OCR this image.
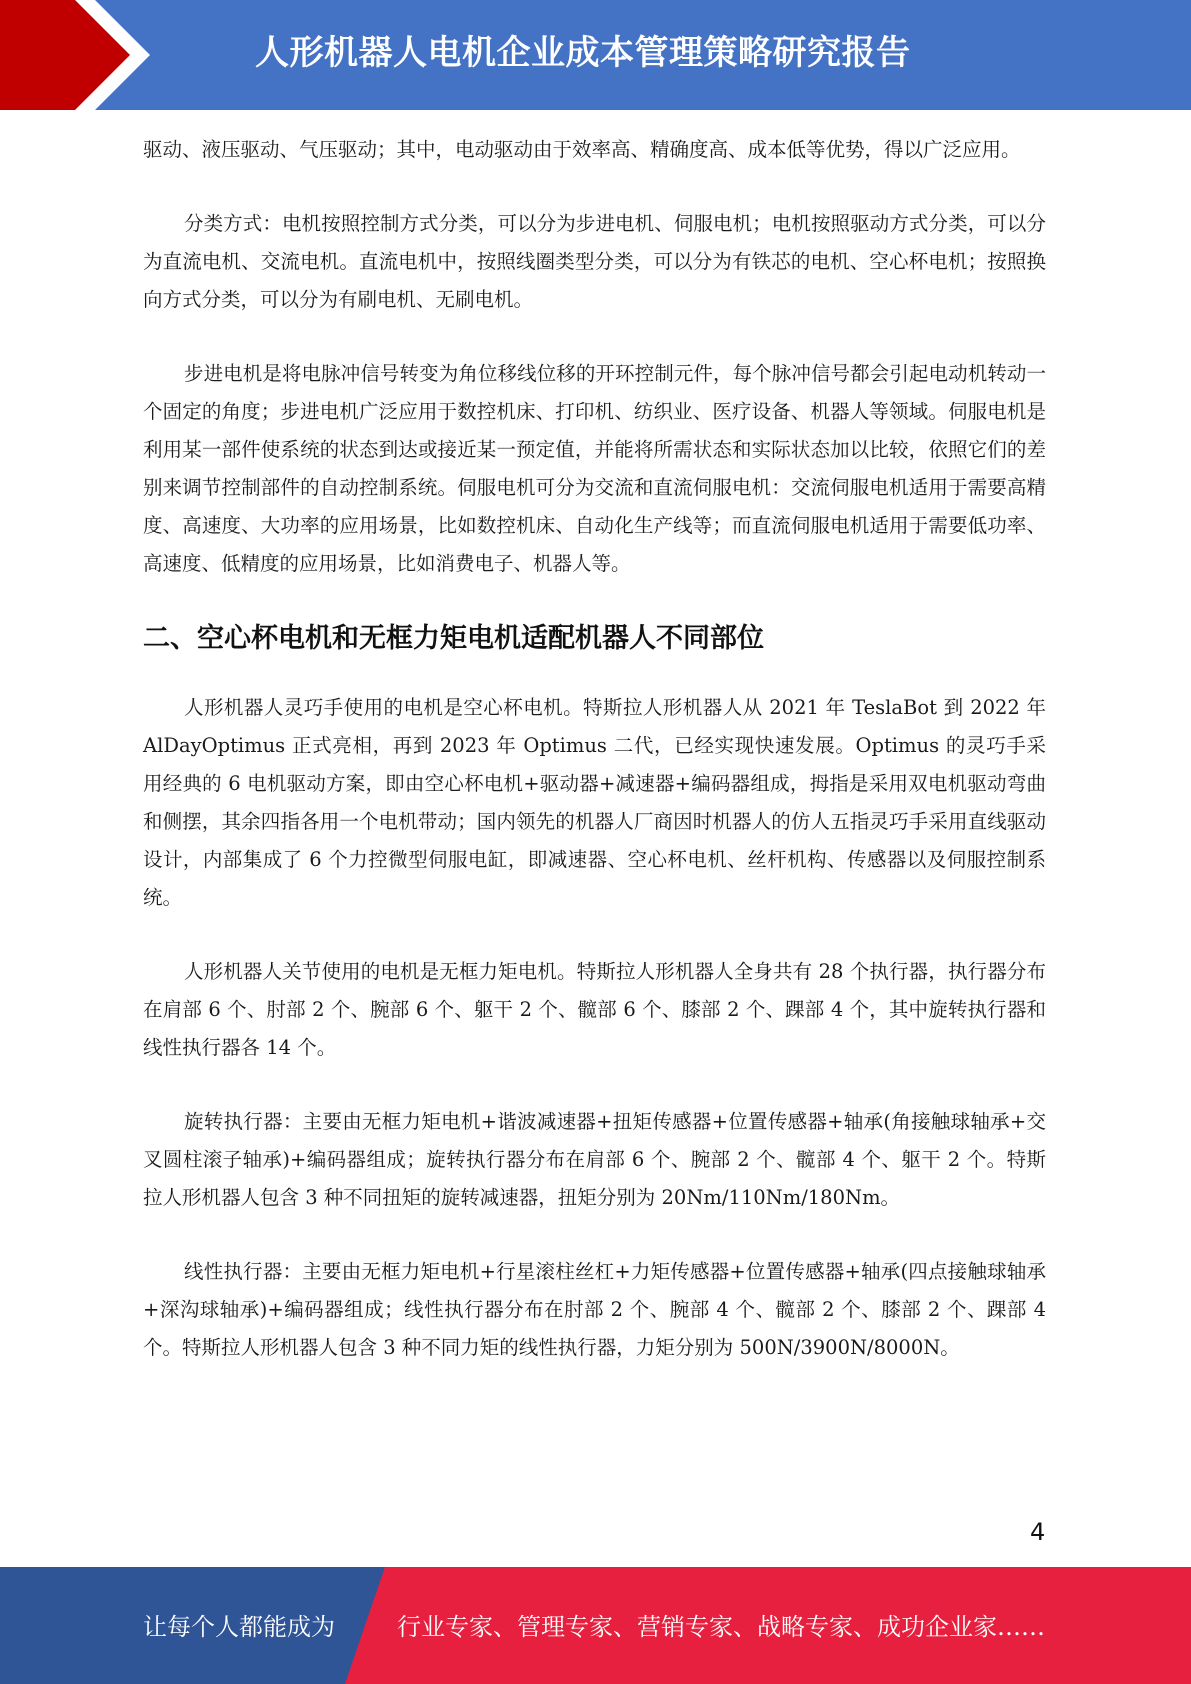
人形机器人电机企业成本管理策略研究报告

驱动、液压驱动、气压驱动；其中，电动驱动由于效率高、精确度高、成本低等优势，得以广泛应用。

分类方式：电机按照控制方式分类，可以分为步进电机、伺服电机；电机按照驱动方式分类，可以分为直流电机、交流电机。直流电机中，按照线圈类型分类，可以分为有铁芯的电机、空心杯电机；按照换向方式分类，可以分为有刷电机、无刷电机。

步进电机是将电脉冲信号转变为角位移线位移的开环控制元件，每个脉冲信号都会引起电动机转动一个固定的角度；步进电机广泛应用于数控机床、打印机、纺织业、医疗设备、机器人等领域。伺服电机是利用某一部件使系统的状态到达或接近某一预定值，并能将所需状态和实际状态加以比较，依照它们的差别来调节控制部件的自动控制系统。伺服电机可分为交流和直流伺服电机：交流伺服电机适用于需要高精度、高速度、大功率的应用场景，比如数控机床、自动化生产线等；而直流伺服电机适用于需要低功率、高速度、低精度的应用场景，比如消费电子、机器人等。

二、空心杯电机和无框力矩电机适配机器人不同部位

人形机器人灵巧手使用的电机是空心杯电机。特斯拉人形机器人从 2021 年 TeslaBot 到 2022 年 AlDayOptimus 正式亮相，再到 2023 年 Optimus 二代，已经实现快速发展。Optimus 的灵巧手采用经典的 6 电机驱动方案，即由空心杯电机+驱动器+减速器+编码器组成，拇指是采用双电机驱动弯曲和侧摆，其余四指各用一个电机带动；国内领先的机器人厂商因时机器人的仿人五指灵巧手采用直线驱动设计，内部集成了 6 个力控微型伺服电缸，即减速器、空心杯电机、丝杆机构、传感器以及伺服控制系统。

人形机器人关节使用的电机是无框力矩电机。特斯拉人形机器人全身共有 28 个执行器，执行器分布在肩部 6 个、肘部 2 个、腕部 6 个、躯干 2 个、髋部 6 个、膝部 2 个、踝部 4 个，其中旋转执行器和线性执行器各 14 个。

旋转执行器：主要由无框力矩电机+谐波减速器+扭矩传感器+位置传感器+轴承(角接触球轴承+交叉圆柱滚子轴承)+编码器组成；旋转执行器分布在肩部 6 个、腕部 2 个、髋部 4 个、躯干 2 个。特斯拉人形机器人包含 3 种不同扭矩的旋转减速器，扭矩分别为 20Nm/110Nm/180Nm。

线性执行器：主要由无框力矩电机+行星滚柱丝杠+力矩传感器+位置传感器+轴承(四点接触球轴承+深沟球轴承)+编码器组成；线性执行器分布在肘部 2 个、腕部 4 个、髋部 2 个、膝部 2 个、踝部 4 个。特斯拉人形机器人包含 3 种不同力矩的线性执行器，力矩分别为 500N/3900N/8000N。

4
让每个人都能成为	行业专家、管理专家、营销专家、战略专家、成功企业家……
